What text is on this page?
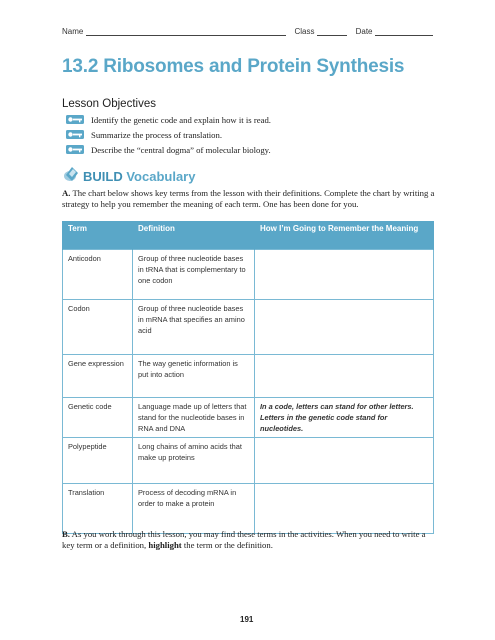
Name	Class	Date
13.2 Ribosomes and Protein Synthesis
Lesson Objectives
Identify the genetic code and explain how it is read.
Summarize the process of translation.
Describe the “central dogma” of molecular biology.
BUILD Vocabulary
A. The chart below shows key terms from the lesson with their definitions. Complete the chart by writing a strategy to help you remember the meaning of each term. One has been done for you.
Term	Definition	How I’m Going to Remember the Meaning
Anticodon	Group of three nucleotide bases in tRNA that is complementary to one codon	
Codon	Group of three nucleotide bases in mRNA that specifies an amino acid	
Gene expression	The way genetic information is put into action	
Genetic code	Language made up of letters that stand for the nucleotide bases in RNA and DNA	In a code, letters can stand for other letters. Letters in the genetic code stand for nucleotides.
Polypeptide	Long chains of amino acids that make up proteins	
Translation	Process of decoding mRNA in order to make a protein	
B. As you work through this lesson, you may find these terms in the activities. When you need to write a key term or a definition, highlight the term or the definition.
191
